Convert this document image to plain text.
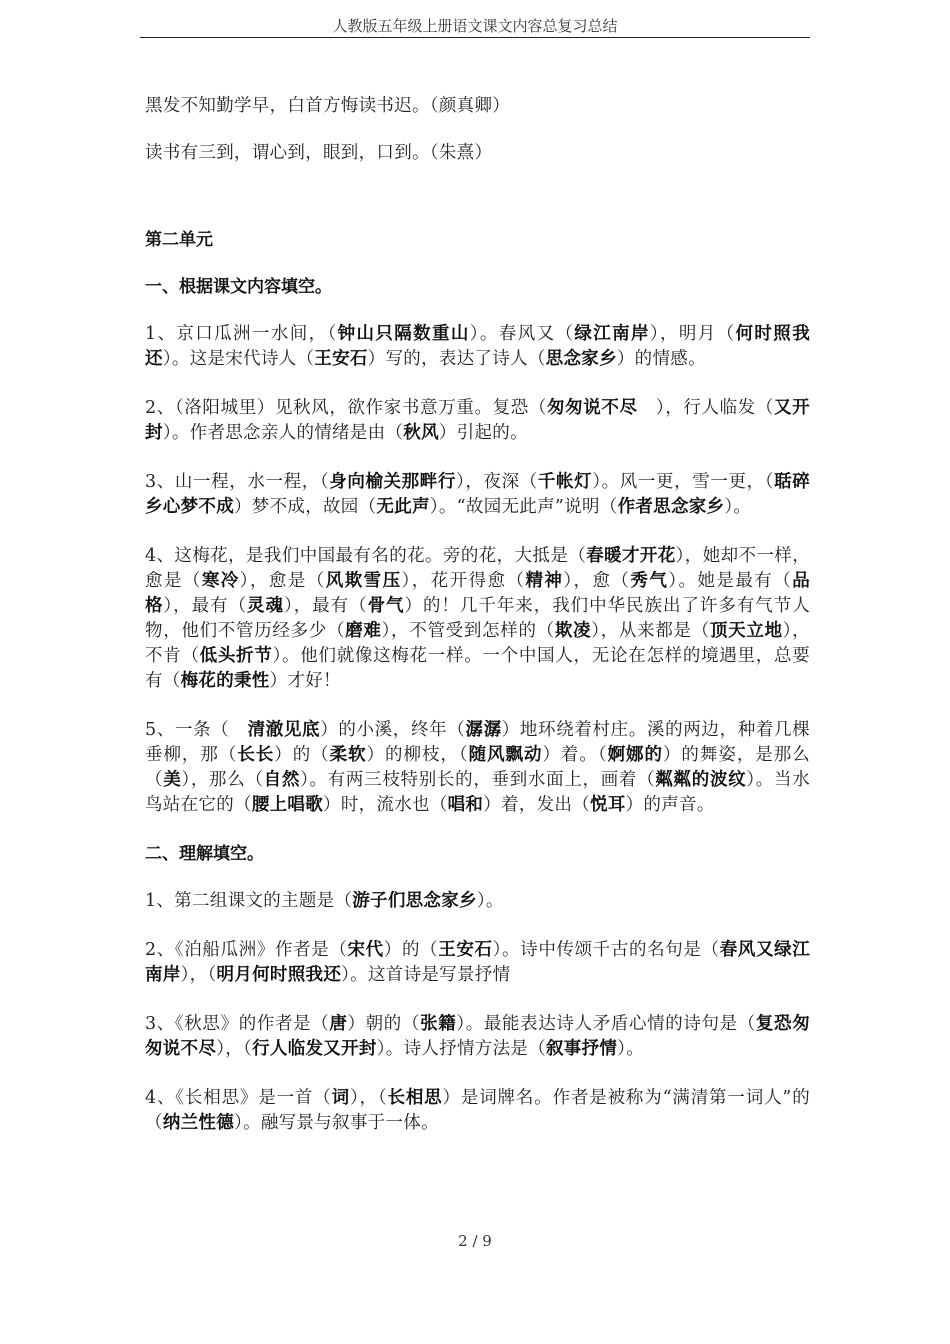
人教版五年级上册语文课文内容总复习总结

黑发不知勤学早，白首方悔读书迟。（颜真卿）

读书有三到，谓心到，眼到，口到。（朱熹）

第二单元

一、根据课文内容填空。

1、京口瓜洲一水间，（钟山只隔数重山）。春风又（绿江南岸），明月（何时照我还）。这是宋代诗人（王安石）写的，表达了诗人（思念家乡）的情感。

2、（洛阳城里）见秋风，欲作家书意万重。复恐（匆匆说不尽　），行人临发（又开封）。作者思念亲人的情绪是由（秋风）引起的。

3、山一程，水一程，（身向榆关那畔行），夜深（千帐灯）。风一更，雪一更，（聒碎乡心梦不成）梦不成，故园（无此声）。“故园无此声”说明（作者思念家乡）。

4、这梅花，是我们中国最有名的花。旁的花，大抵是（春暖才开花），她却不一样，愈是（寒冷），愈是（风欺雪压），花开得愈（精神），愈（秀气）。她是最有（品格），最有（灵魂），最有（骨气）的！几千年来，我们中华民族出了许多有气节人物，他们不管历经多少（磨难），不管受到怎样的（欺凌），从来都是（顶天立地），不肯（低头折节）。他们就像这梅花一样。一个中国人，无论在怎样的境遇里，总要有（梅花的秉性）才好！

5、一条（　清澈见底）的小溪，终年（潺潺）地环绕着村庄。溪的两边，种着几棵垂柳，那（长长）的（柔软）的柳枝，（随风飘动）着。（婀娜的）的舞姿，是那么（美），那么（自然）。有两三枝特别长的，垂到水面上，画着（粼粼的波纹）。当水鸟站在它的（腰上唱歌）时，流水也（唱和）着，发出（悦耳）的声音。

二、理解填空。

1、第二组课文的主题是（游子们思念家乡）。

2、《泊船瓜洲》作者是（宋代）的（王安石）。诗中传颂千古的名句是（春风又绿江南岸），（明月何时照我还）。这首诗是写景抒情

3、《秋思》的作者是（唐）朝的（张籍）。最能表达诗人矛盾心情的诗句是（复恐匆匆说不尽），（行人临发又开封）。诗人抒情方法是（叙事抒情）。

4、《长相思》是一首（词），（长相思）是词牌名。作者是被称为“满清第一词人”的（纳兰性德）。融写景与叙事于一体。

2 / 9
